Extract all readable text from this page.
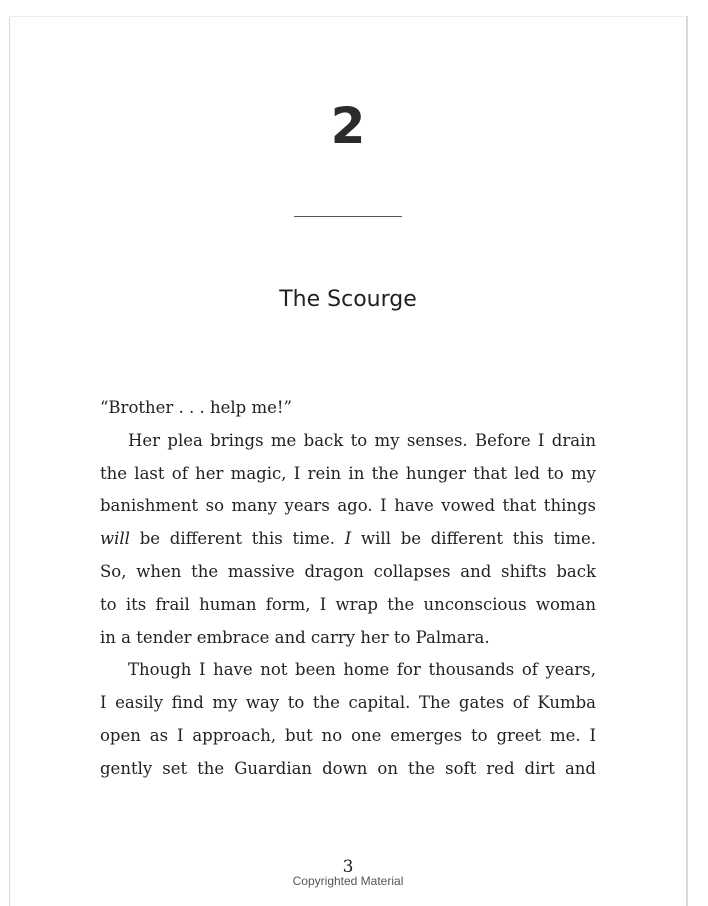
2
The Scourge
“Brother . . . help me!”
Her plea brings me back to my senses. Before I drain
the last of her magic, I rein in the hunger that led to my
banishment so many years ago. I have vowed that things
will be different this time. I will be different this time.
So, when the massive dragon collapses and shifts back
to its frail human form, I wrap the unconscious woman
in a tender embrace and carry her to Palmara.
Though I have not been home for thousands of years,
I easily find my way to the capital. The gates of Kumba
open as I approach, but no one emerges to greet me. I
gently set the Guardian down on the soft red dirt and
3
Copyrighted Material
